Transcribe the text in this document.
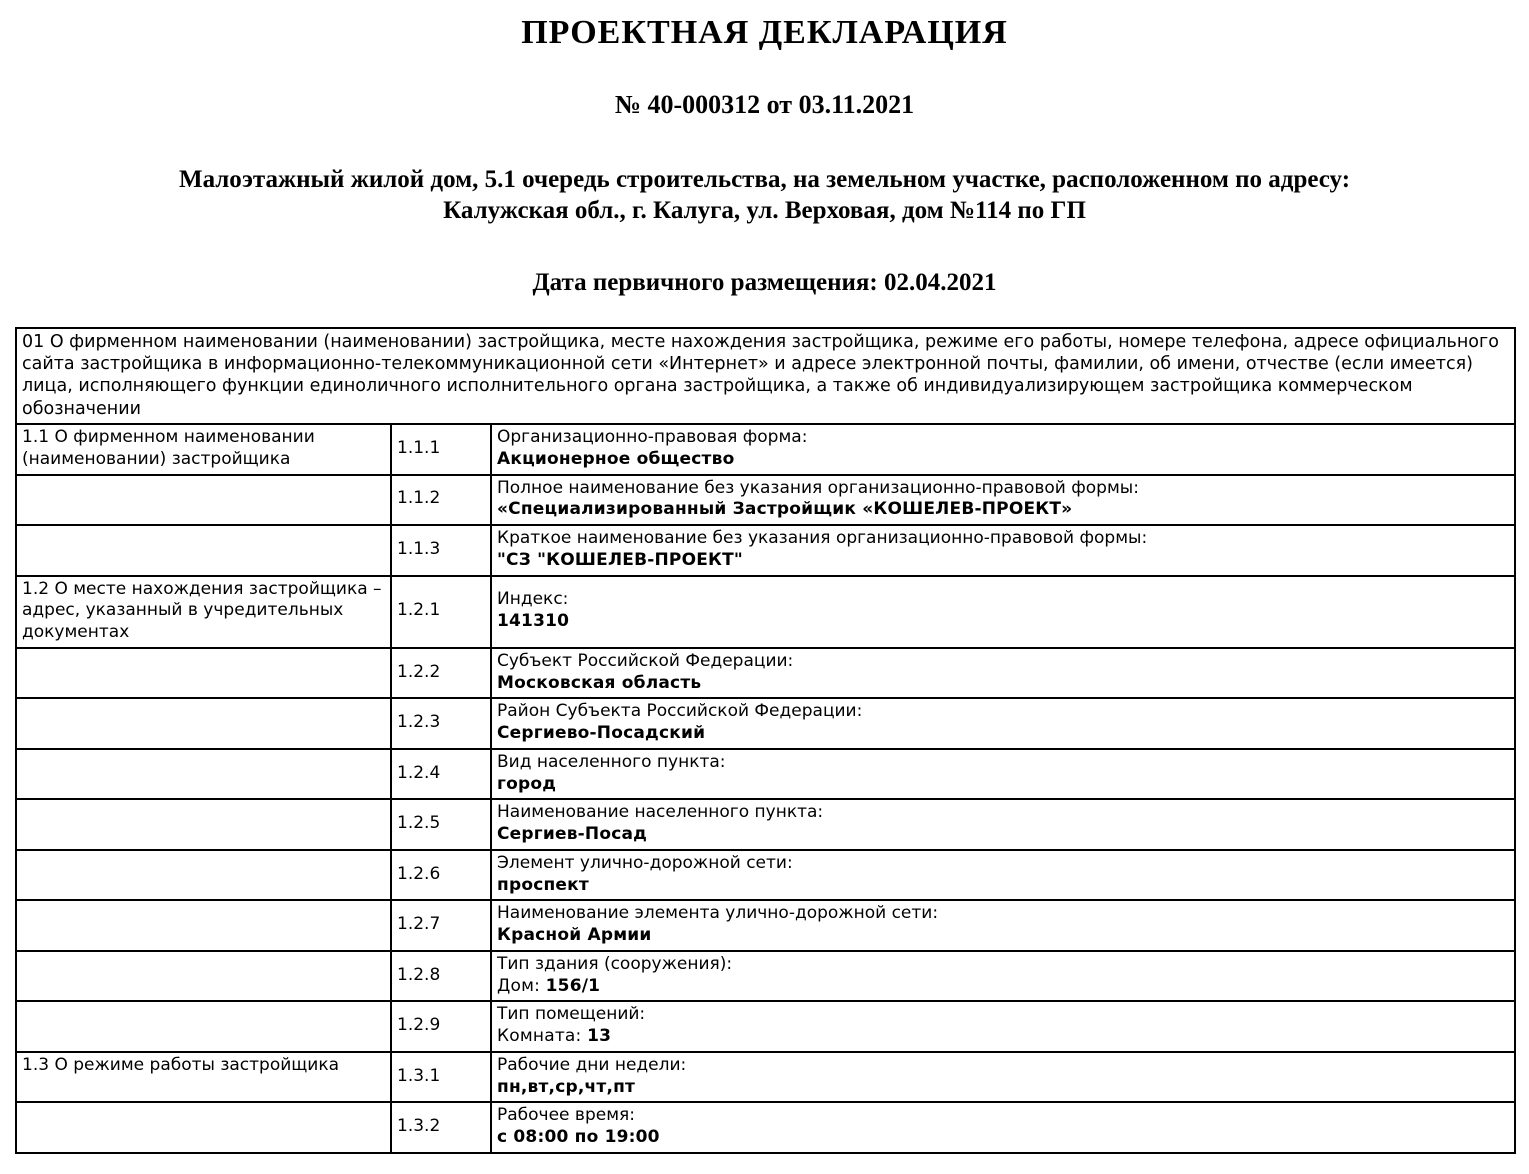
ПРОЕКТНАЯ ДЕКЛАРАЦИЯ
№ 40-000312 от 03.11.2021
Малоэтажный жилой дом, 5.1 очередь строительства, на земельном участке, расположенном по адресу:
Калужская обл., г. Калуга, ул. Верховая, дом №114 по ГП
Дата первичного размещения: 02.04.2021
01 О фирменном наименовании (наименовании) застройщика, месте нахождения застройщика, режиме его работы, номере телефона, адресе официального сайта застройщика в информационно-телекоммуникационной сети «Интернет» и адресе электронной почты, фамилии, об имени, отчестве (если имеется) лица, исполняющего функции единоличного исполнительного органа застройщика, а также об индивидуализирующем застройщика коммерческом обозначении		
1.1 О фирменном наименовании (наименовании) застройщика	1.1.1	Организационно-правовая форма:
Акционерное общество

	1.1.2	Полное наименование без указания организационно-правовой формы:
«Специализированный Застройщик «КОШЕЛЕВ-ПРОЕКТ»

	1.1.3	Краткое наименование без указания организационно-правовой формы:
"СЗ "КОШЕЛЕВ-ПРОЕКТ"

1.2 О месте нахождения застройщика – адрес, указанный в учредительных документах	1.2.1	Индекс:
141310

	1.2.2	Субъект Российской Федерации:
Московская область

	1.2.3	Район Субъекта Российской Федерации:
Сергиево-Посадский

	1.2.4	Вид населенного пункта:
город

	1.2.5	Наименование населенного пункта:
Сергиев-Посад

	1.2.6	Элемент улично-дорожной сети:
проспект

	1.2.7	Наименование элемента улично-дорожной сети:
Красной Армии

	1.2.8	Тип здания (сооружения):
Дом: 156/1

	1.2.9	Тип помещений:
Комната: 13

1.3 О режиме работы застройщика	1.3.1	Рабочие дни недели:
пн,вт,ср,чт,пт

	1.3.2	Рабочее время:
с 08:00 по 19:00
